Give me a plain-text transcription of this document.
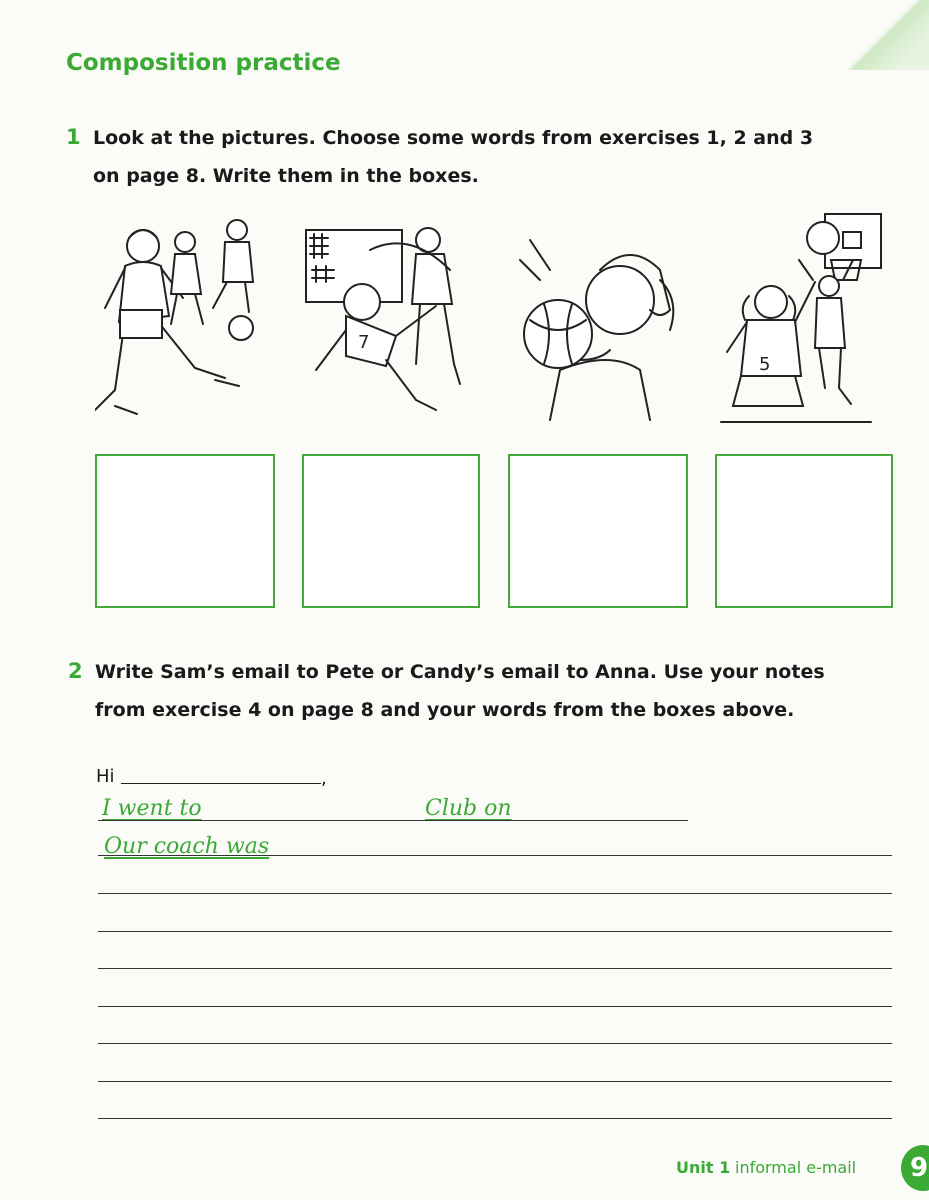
Composition practice
1 Look at the pictures. Choose some words from exercises 1, 2 and 3
on page 8. Write them in the boxes.
7
5
2 Write Sam’s email to Pete or Candy’s email to Anna. Use your notes
from exercise 4 on page 8 and your words from the boxes above.
Hi	,
I went to	Club on
Our coach was
Unit 1 informal e-mail	9
